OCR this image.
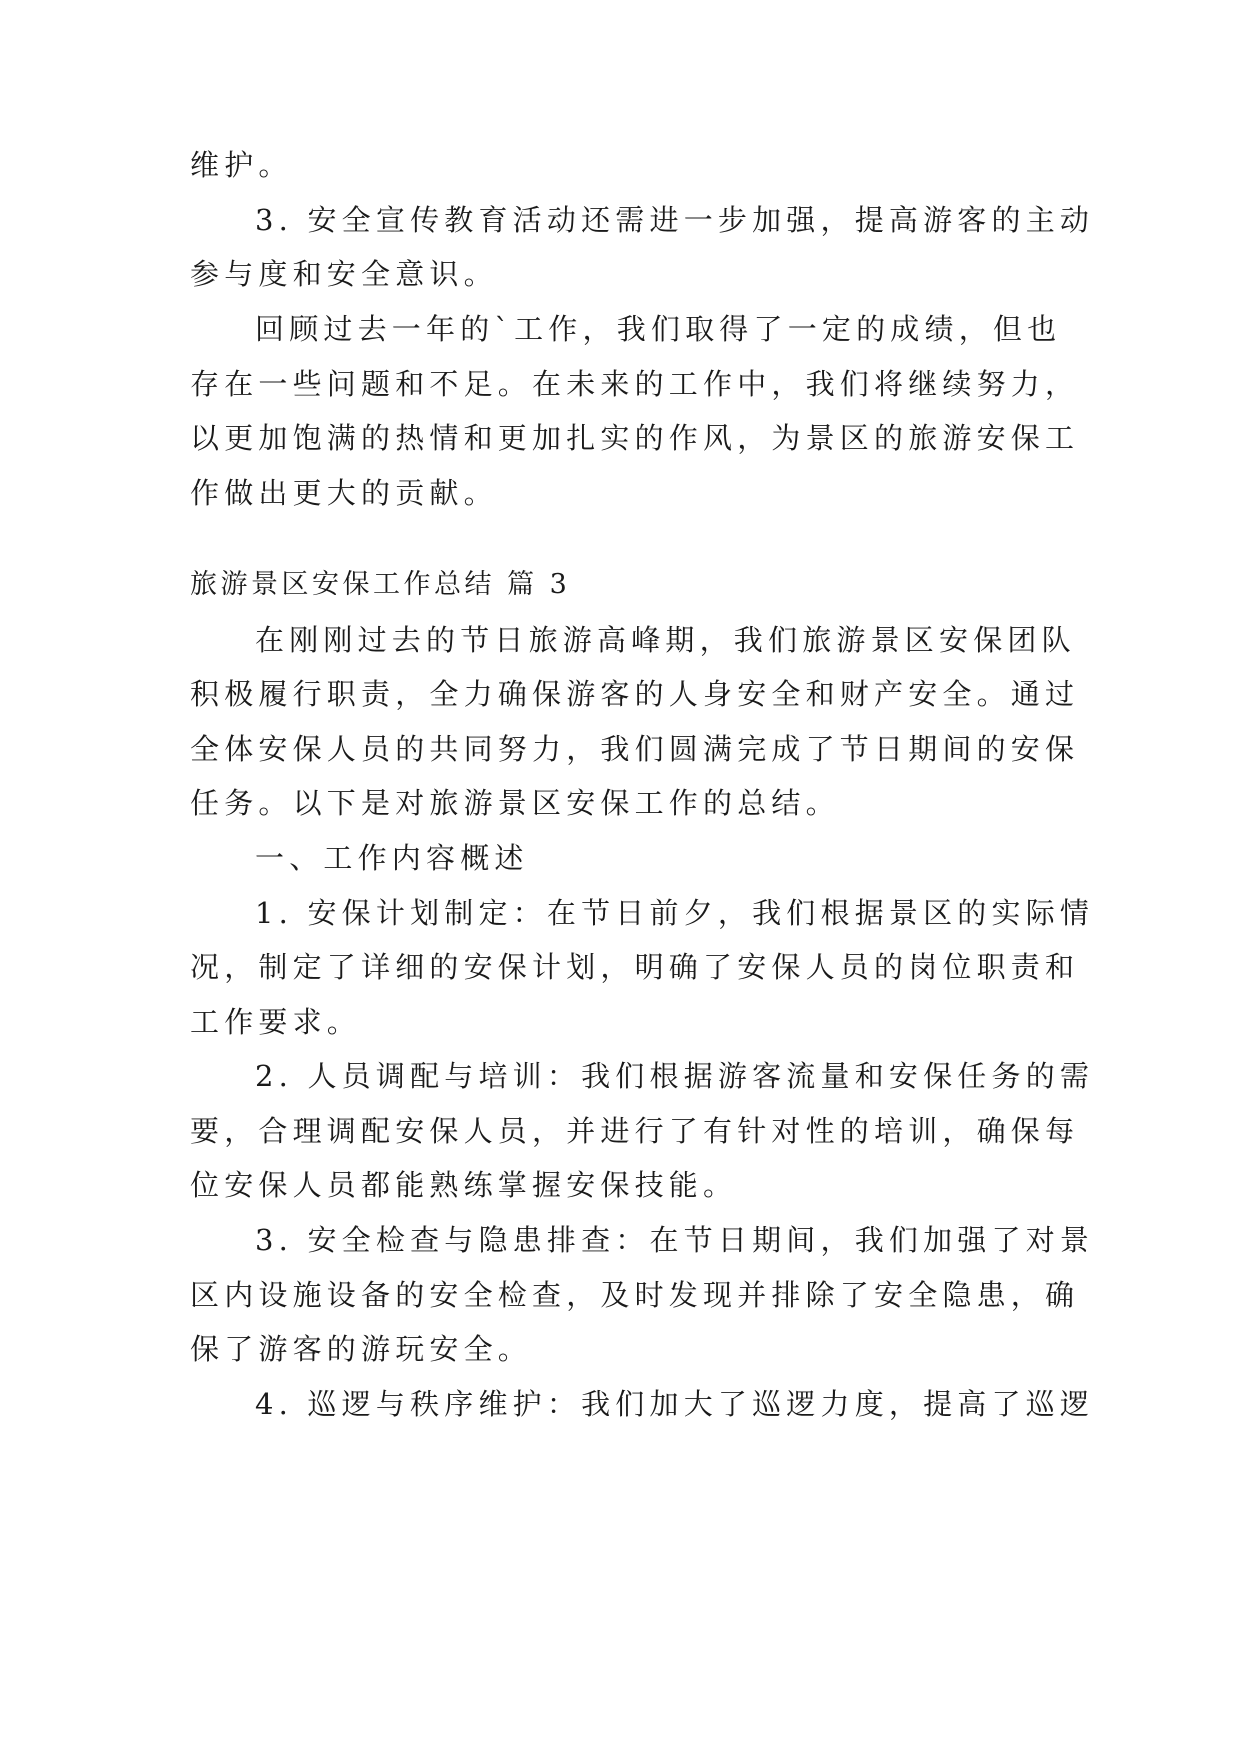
维护。
3. 安全宣传教育活动还需进一步加强，提高游客的主动
参与度和安全意识。
回顾过去一年的`工作，我们取得了一定的成绩，但也
存在一些问题和不足。在未来的工作中，我们将继续努力，
以更加饱满的热情和更加扎实的作风，为景区的旅游安保工
作做出更大的贡献。
旅游景区安保工作总结 篇 3
在刚刚过去的节日旅游高峰期，我们旅游景区安保团队
积极履行职责，全力确保游客的人身安全和财产安全。通过
全体安保人员的共同努力，我们圆满完成了节日期间的安保
任务。以下是对旅游景区安保工作的总结。
一、工作内容概述
1. 安保计划制定：在节日前夕，我们根据景区的实际情
况，制定了详细的安保计划，明确了安保人员的岗位职责和
工作要求。
2. 人员调配与培训：我们根据游客流量和安保任务的需
要，合理调配安保人员，并进行了有针对性的培训，确保每
位安保人员都能熟练掌握安保技能。
3. 安全检查与隐患排查：在节日期间，我们加强了对景
区内设施设备的安全检查，及时发现并排除了安全隐患，确
保了游客的游玩安全。
4. 巡逻与秩序维护：我们加大了巡逻力度，提高了巡逻
